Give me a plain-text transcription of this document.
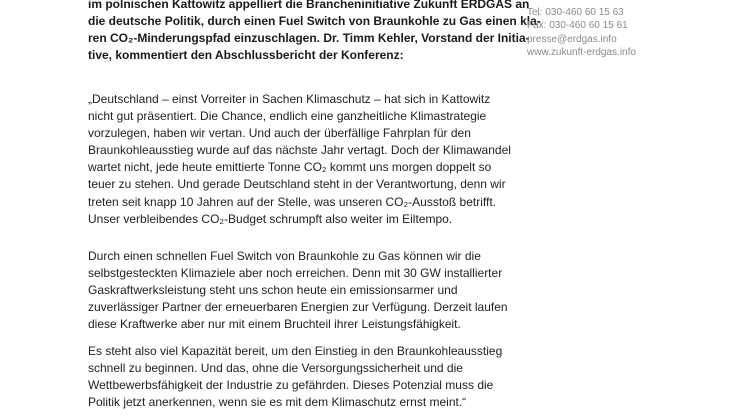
im polnischen Kattowitz appelliert die Brancheninitiative Zukunft ERDGAS an
die deutsche Politik, durch einen Fuel Switch von Braunkohle zu Gas einen kla-
ren CO₂-Minderungspfad einzuschlagen. Dr. Timm Kehler, Vorstand der Initia-
tive, kommentiert den Abschlussbericht der Konferenz:
Tel: 030-460 60 15 63
Fax: 030-460 60 15 61
presse@erdgas.info
www.zukunft-erdgas.info
„Deutschland – einst Vorreiter in Sachen Klimaschutz – hat sich in Kattowitz
nicht gut präsentiert. Die Chance, endlich eine ganzheitliche Klimastrategie
vorzulegen, haben wir vertan. Und auch der überfällige Fahrplan für den
Braunkohleausstieg wurde auf das nächste Jahr vertagt. Doch der Klimawandel
wartet nicht, jede heute emittierte Tonne CO₂ kommt uns morgen doppelt so
teuer zu stehen. Und gerade Deutschland steht in der Verantwortung, denn wir
treten seit knapp 10 Jahren auf der Stelle, was unseren CO₂-Ausstoß betrifft.
Unser verbleibendes CO₂-Budget schrumpft also weiter im Eiltempo.
Durch einen schnellen Fuel Switch von Braunkohle zu Gas können wir die
selbstgesteckten Klimaziele aber noch erreichen. Denn mit 30 GW installierter
Gaskraftwerksleistung steht uns schon heute ein emissionsarmer und
zuverlässiger Partner der erneuerbaren Energien zur Verfügung. Derzeit laufen
diese Kraftwerke aber nur mit einem Bruchteil ihrer Leistungsfähigkeit.
Es steht also viel Kapazität bereit, um den Einstieg in den Braunkohleausstieg
schnell zu beginnen. Und das, ohne die Versorgungssicherheit und die
Wettbewerbsfähigkeit der Industrie zu gefährden. Dieses Potenzial muss die
Politik jetzt anerkennen, wenn sie es mit dem Klimaschutz ernst meint.“
